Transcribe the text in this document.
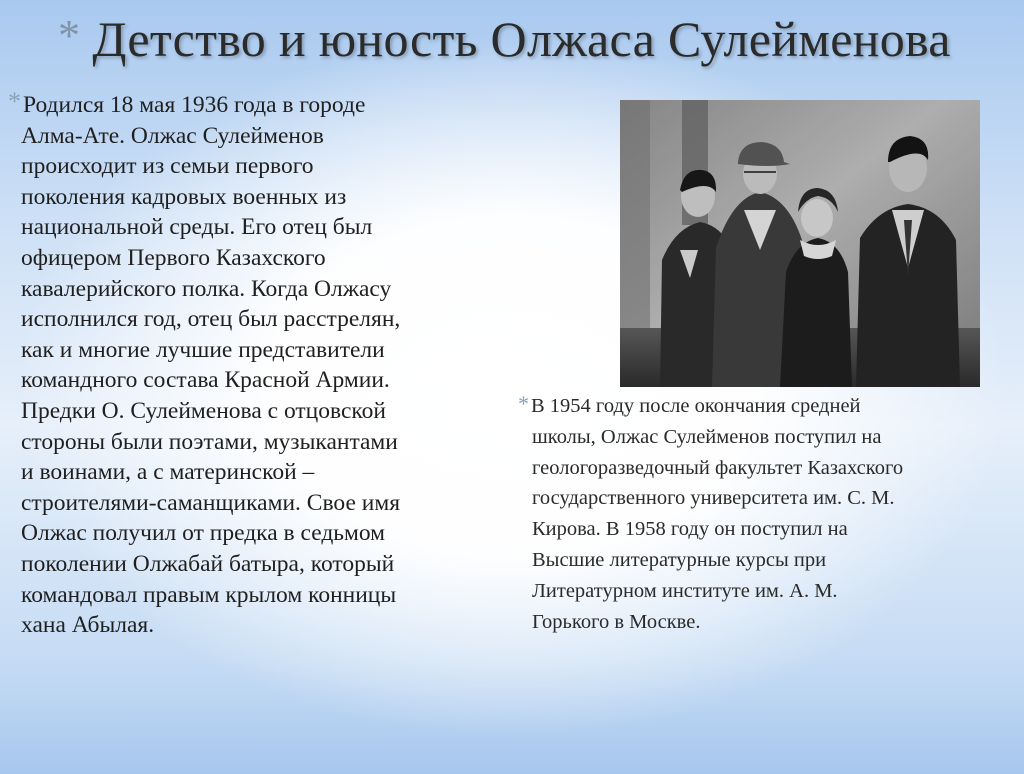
* Детство и юность Олжаса Сулейменова
*Родился 18 мая 1936 года в городе
Алма-Ате. Олжас Сулейменов
происходит из семьи первого
поколения кадровых военных из
национальной среды. Его отец был
офицером Первого Казахского
кавалерийского полка. Когда Олжасу
исполнился год, отец был расстрелян,
как и многие лучшие представители
командного состава Красной Армии.
Предки О. Сулейменова с отцовской
стороны были поэтами, музыкантами
и воинами, а с материнской –
строителями-саманщиками. Свое имя
Олжас получил от предка в седьмом
поколении Олжабай батыра, который
командовал правым крылом конницы
хана Абылая.
*В 1954 году после окончания средней
школы, Олжас Сулейменов поступил на
геологоразведочный факультет Казахского
государственного университета им. С. М.
Кирова. В 1958 году он поступил на
Высшие литературные курсы при
Литературном институте им. А. М.
Горького в Москве.
